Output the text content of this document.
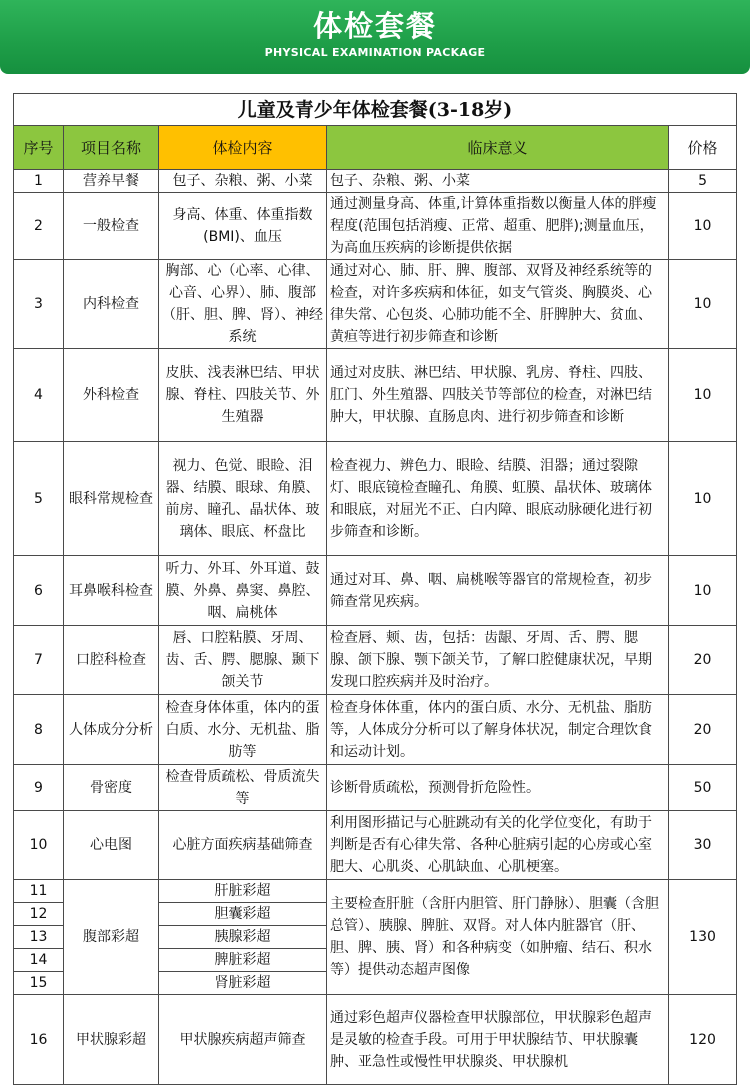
体检套餐
PHYSICAL EXAMINATION PACKAGE
儿童及青少年体检套餐(3-18岁)				
序号	项目名称	体检内容	临床意义	价格
1	营养早餐	包子、杂粮、粥、小菜	包子、杂粮、粥、小菜	5
2	一般检查	身高、体重、体重指数(BMI)、血压	通过测量身高、体重,计算体重指数以衡量人体的胖瘦程度(范围包括消瘦、正常、超重、肥胖);测量血压，为高血压疾病的诊断提供依据	10
3	内科检查	胸部、心（心率、心律、心音、心界）、肺、腹部（肝、胆、脾、肾）、神经系统	通过对心、肺、肝、脾、腹部、双肾及神经系统等的检查，对许多疾病和体征，如支气管炎、胸膜炎、心律失常、心包炎、心肺功能不全、肝脾肿大、贫血、黄疸等进行初步筛查和诊断	10
4	外科检查	皮肤、浅表淋巴结、甲状腺、脊柱、四肢关节、外生殖器	通过对皮肤、淋巴结、甲状腺、乳房、脊柱、四肢、肛门、外生殖器、四肢关节等部位的检查，对淋巴结肿大，甲状腺、直肠息肉、进行初步筛查和诊断	10
5	眼科常规检查	视力、色觉、眼睑、泪器、结膜、眼球、角膜、前房、瞳孔、晶状体、玻璃体、眼底、杯盘比	检查视力、辨色力、眼睑、结膜、泪器；通过裂隙灯、眼底镜检查瞳孔、角膜、虹膜、晶状体、玻璃体和眼底，对屈光不正、白内障、眼底动脉硬化进行初步筛查和诊断。	10
6	耳鼻喉科检查	听力、外耳、外耳道、鼓膜、外鼻、鼻窦、鼻腔、咽、扁桃体	通过对耳、鼻、咽、扁桃喉等器官的常规检查，初步筛查常见疾病。	10
7	口腔科检查	唇、口腔粘膜、牙周、齿、舌、腭、腮腺、颞下颌关节	检查唇、颊、齿，包括：齿龈、牙周、舌、腭、腮腺、颌下腺、颚下颌关节，了解口腔健康状况，早期发现口腔疾病并及时治疗。	20
8	人体成分分析	检查身体体重，体内的蛋白质、水分、无机盐、脂肪等	检查身体体重，体内的蛋白质、水分、无机盐、脂肪等，人体成分分析可以了解身体状况，制定合理饮食和运动计划。	20
9	骨密度	检查骨质疏松、骨质流失等	诊断骨质疏松，预测骨折危险性。	50
10	心电图	心脏方面疾病基础筛查	利用图形描记与心脏跳动有关的化学位变化，有助于判断是否有心律失常、各种心脏病引起的心房或心室肥大、心肌炎、心肌缺血、心肌梗塞。	30
11	腹部彩超	肝脏彩超	主要检查肝脏（含肝内胆管、肝门静脉）、胆囊（含胆总管）、胰腺、脾脏、双肾。对人体内脏器官（肝、胆、脾、胰、肾）和各种病变（如肿瘤、结石、积水等）提供动态超声图像	130
12		胆囊彩超		
13		胰腺彩超		
14		脾脏彩超		
15		肾脏彩超		
16	甲状腺彩超	甲状腺疾病超声筛查	通过彩色超声仪器检查甲状腺部位，甲状腺彩色超声是灵敏的检查手段。可用于甲状腺结节、甲状腺囊肿、亚急性或慢性甲状腺炎、甲状腺机	120
